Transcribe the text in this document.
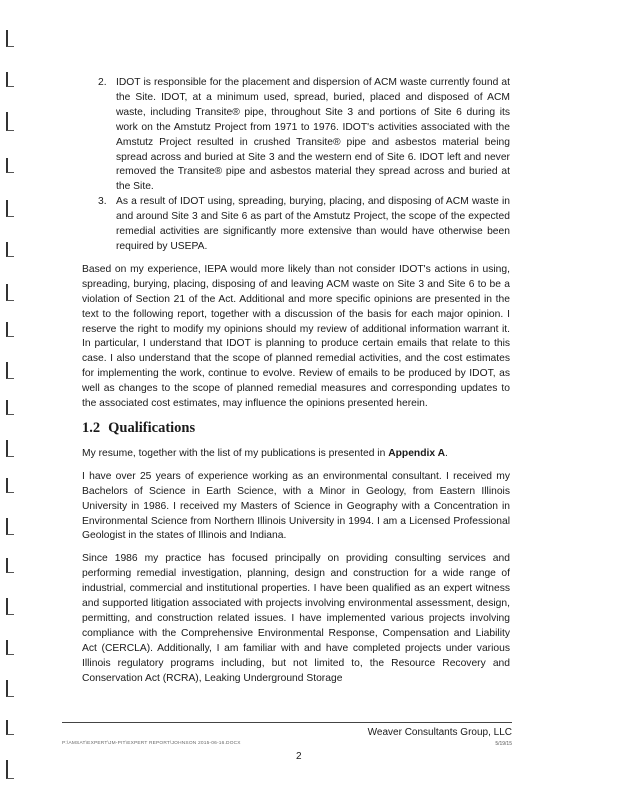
2. IDOT is responsible for the placement and dispersion of ACM waste currently found at the Site. IDOT, at a minimum used, spread, buried, placed and disposed of ACM waste, including Transite® pipe, throughout Site 3 and portions of Site 6 during its work on the Amstutz Project from 1971 to 1976. IDOT's activities associated with the Amstutz Project resulted in crushed Transite® pipe and asbestos material being spread across and buried at Site 3 and the western end of Site 6. IDOT left and never removed the Transite® pipe and asbestos material they spread across and buried at the Site.
3. As a result of IDOT using, spreading, burying, placing, and disposing of ACM waste in and around Site 3 and Site 6 as part of the Amstutz Project, the scope of the expected remedial activities are significantly more extensive than would have otherwise been required by USEPA.

Based on my experience, IEPA would more likely than not consider IDOT's actions in using, spreading, burying, placing, disposing of and leaving ACM waste on Site 3 and Site 6 to be a violation of Section 21 of the Act. Additional and more specific opinions are presented in the text to the following report, together with a discussion of the basis for each major opinion. I reserve the right to modify my opinions should my review of additional information warrant it. In particular, I understand that IDOT is planning to produce certain emails that relate to this case. I also understand that the scope of planned remedial activities, and the cost estimates for implementing the work, continue to evolve. Review of emails to be produced by IDOT, as well as changes to the scope of planned remedial measures and corresponding updates to the associated cost estimates, may influence the opinions presented herein.

1.2 Qualifications

My resume, together with the list of my publications is presented in Appendix A.

I have over 25 years of experience working as an environmental consultant. I received my Bachelors of Science in Earth Science, with a Minor in Geology, from Eastern Illinois University in 1986. I received my Masters of Science in Geography with a Concentration in Environmental Science from Northern Illinois University in 1994. I am a Licensed Professional Geologist in the states of Illinois and Indiana.

Since 1986 my practice has focused principally on providing consulting services and performing remedial investigation, planning, design and construction for a wide range of industrial, commercial and institutional properties. I have been qualified as an expert witness and supported litigation associated with projects involving environmental assessment, design, permitting, and construction related issues. I have implemented various projects involving compliance with the Comprehensive Environmental Response, Compensation and Liability Act (CERCLA). Additionally, I am familiar with and have completed projects under various Illinois regulatory programs including, but not limited to, the Resource Recovery and Conservation Act (RCRA), Leaking Underground Storage

Weaver Consultants Group, LLC
P:\AMSAT\EXPERT\JM-PIT\EXPERT REPORT\JOHNSON 2015-06-16.DOCX	5/19/15
2
